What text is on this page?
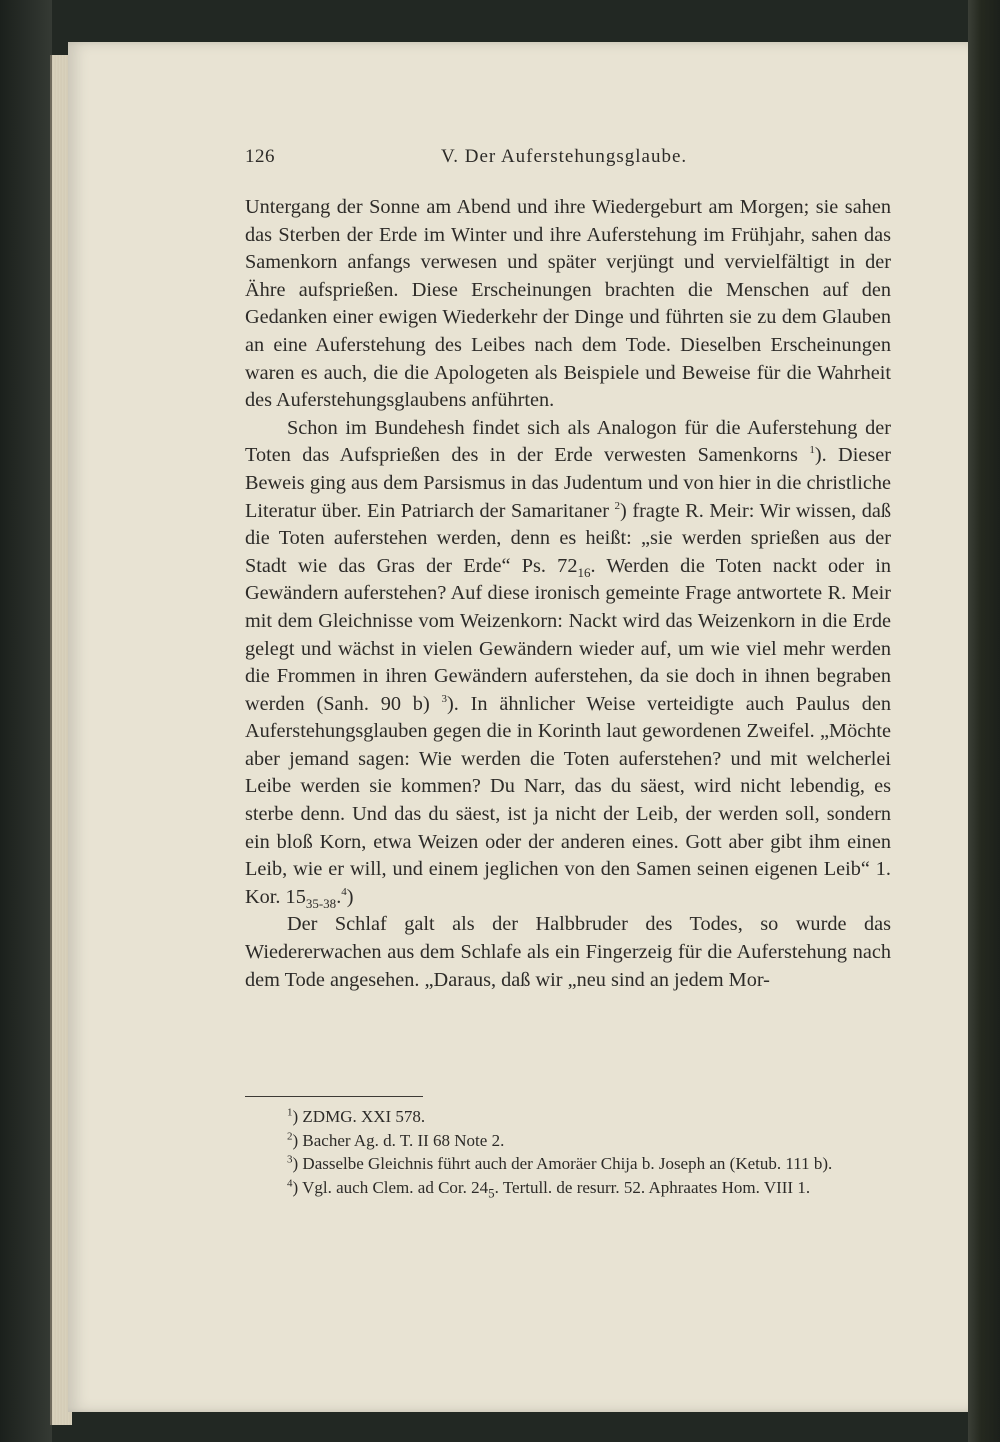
126	V. Der Auferstehungsglaube.

Untergang der Sonne am Abend und ihre Wiedergeburt am Morgen; sie sahen das Sterben der Erde im Winter und ihre Auferstehung im Frühjahr, sahen das Samenkorn anfangs verwesen und später verjüngt und vervielfältigt in der Ähre aufsprießen. Diese Erscheinungen brachten die Menschen auf den Gedanken einer ewigen Wiederkehr der Dinge und führten sie zu dem Glauben an eine Auferstehung des Leibes nach dem Tode. Dieselben Erscheinungen waren es auch, die die Apologeten als Beispiele und Beweise für die Wahrheit des Auferstehungsglaubens anführten.

Schon im Bundehesh findet sich als Analogon für die Auferstehung der Toten das Aufsprießen des in der Erde verwesten Samenkorns $^1$). Dieser Beweis ging aus dem Parsismus in das Judentum und von hier in die christliche Literatur über. Ein Patriarch der Samaritaner $^2$) fragte R. Meir: Wir wissen, daß die Toten auferstehen werden, denn es heißt: „sie werden sprießen aus der Stadt wie das Gras der Erde“ Ps. $72_{16}$. Werden die Toten nackt oder in Gewändern auferstehen? Auf diese ironisch gemeinte Frage antwortete R. Meir mit dem Gleichnisse vom Weizenkorn: Nackt wird das Weizenkorn in die Erde gelegt und wächst in vielen Gewändern wieder auf, um wie viel mehr werden die Frommen in ihren Gewändern auferstehen, da sie doch in ihnen begraben werden (Sanh. 90 b) $^3$). In ähnlicher Weise verteidigte auch Paulus den Auferstehungsglauben gegen die in Korinth laut gewordenen Zweifel. „Möchte aber jemand sagen: Wie werden die Toten auferstehen? und mit welcherlei Leibe werden sie kommen? Du Narr, das du säest, wird nicht lebendig, es sterbe denn. Und das du säest, ist ja nicht der Leib, der werden soll, sondern ein bloß Korn, etwa Weizen oder der anderen eines. Gott aber gibt ihm einen Leib, wie er will, und einem jeglichen von den Samen seinen eigenen Leib“ 1. Kor. $15_{35-38}.^4$)

Der Schlaf galt als der Halbbruder des Todes, so wurde das Wiedererwachen aus dem Schlafe als ein Fingerzeig für die Auferstehung nach dem Tode angesehen. „Daraus, daß wir „neu sind an jedem Mor-

$^1$) ZDMG. XXI 578.

$^2$) Bacher Ag. d. T. II 68 Note 2.

$^3$) Dasselbe Gleichnis führt auch der Amoräer Chija b. Joseph an (Ketub. 111 b).

$^4$) Vgl. auch Clem. ad Cor. $24_5$. Tertull. de resurr. 52. Aphraates Hom. VIII 1.
